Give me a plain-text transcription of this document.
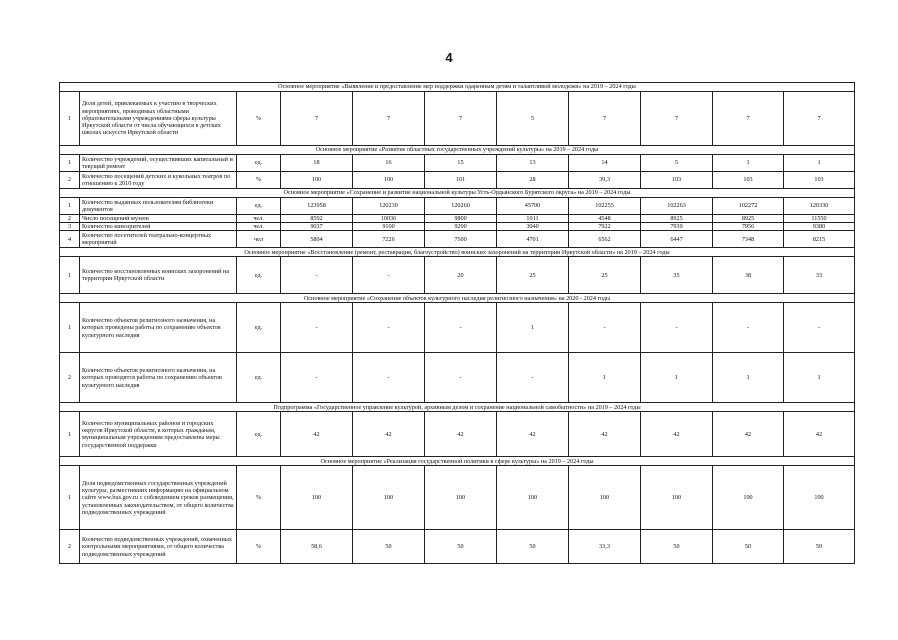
4
Основное мероприятие «Выявление и предоставление мер поддержки одаренным детям и талантливой молодежи» на 2019 – 2024 годы										
1	Доля детей, привлекаемых к участию в творческих мероприятиях, проводимых областными образовательными учреждениями сферы культуры Иркутской области от числа обучающихся в детских школах искусств Иркутской области	%	7	7	7	5	7	7	7	7
Основное мероприятие «Развитие областных государственных учреждений культуры» на 2019 – 2024 годы										
1	Количество учреждений, осуществивших капитальный и текущий ремонт	ед.	18	16	15	13	14	5	1	1
2	Количество посещений детских и кукольных театров по отношению к 2010 году	%	100	100	101	28	39,3	103	103	103
Основное мероприятие «Сохранение и развитие национальной культуры Усть-Ордынского Бурятского округа» на 2019 – 2024 годы										
1	Количество выданных пользователям библиотеки документов	ед.	123958	120230	120260	45700	102255	102263	102272	120330
2	Число посещений музеев	чел.	8592	10036	9800	1011	4548	8925	8925	11550
3	Количество кинозрителей	чел.	9037	9100	9200	3040	7922	7939	7956	9380
4	Количество посетителей театрально-концертных мероприятий	чел	5804	7226	7500	4701	6562	6447	7348	8215
Основное мероприятие «Восстановление (ремонт, реставрация, благоустройство) воинских захоронений на территории Иркутской области» на 2019 – 2024 годы										
1	Количество восстановленных воинских захоронений на территории Иркутской области	ед.	-	-	20	25	25	35	38	33
Основное мероприятие «Сохранение объектов культурного наследия религиозного назначения» на 2020 - 2024 годы										
1	Количество объектов религиозного назначения, на которых проведены работы по сохранению объектов культурного наследия	ед.	-	-	-	1	-	-	-	-
2	Количество объектов религиозного назначения, на которых проводятся работы по сохранению объектов культурного наследия	ед.	-	-	-	-	1	1	1	1
Подпрограмма «Государственное управление культурой, архивным делом и сохранение национальной самобытности» на 2019 – 2024 годы										
1	Количество муниципальных районов и городских округов Иркутской области, в которых гражданам, муниципальным учреждениям предоставлены меры государственной поддержки	ед.	42	42	42	42	42	42	42	42
Основное мероприятие «Реализация государственной политики в сфере культуры» на 2019 – 2024 годы										
1	Доля подведомственных государственных учреждений культуры, разместивших информацию на официальном сайте www.bus.gov.ru с соблюдением сроков размещения, установленных законодательством, от общего количества подведомственных учреждений	%	100	100	100	100	100	100	100	100
2	Количество подведомственных учреждений, охваченных контрольными мероприятиями, от общего количества подведомственных учреждений	%	58,6	50	50	50	33,3	50	50	50
